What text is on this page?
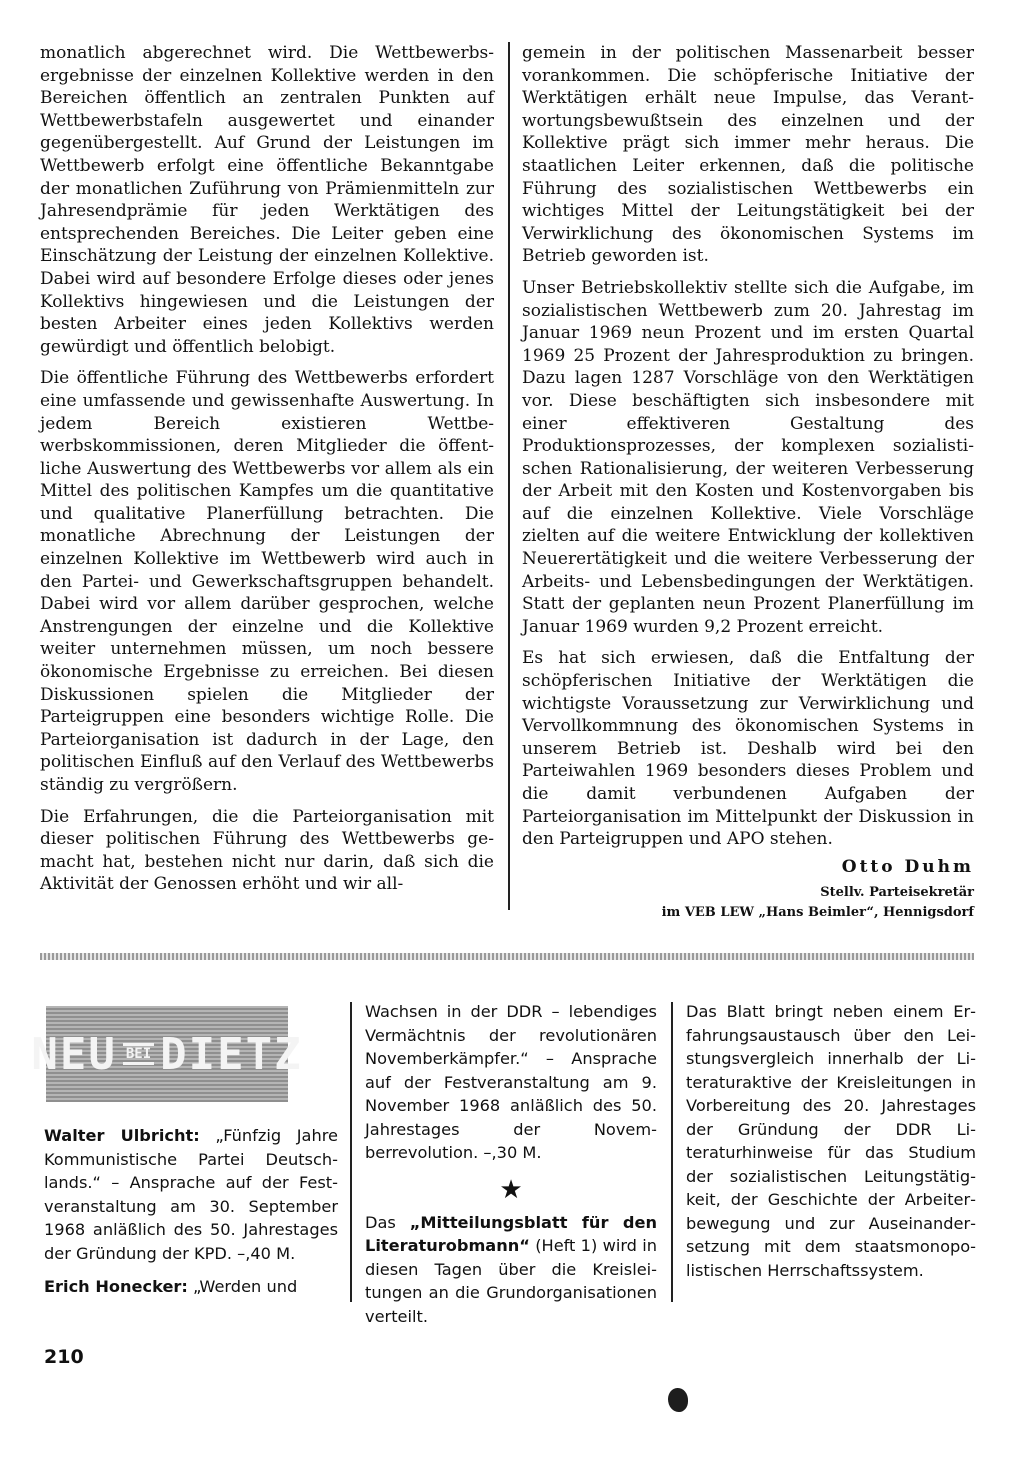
monatlich abgerechnet wird. Die Wettbewerbsergebnisse der einzelnen Kollektive werden in den Bereichen öffentlich an zentralen Punkten auf Wettbewerbstafeln ausgewertet und einander gegenübergestellt. Auf Grund der Leistungen im Wettbewerb erfolgt eine öffentliche Bekanntgabe der monatlichen Zuführung von Prämienmitteln zur Jahresendprämie für jeden Werktätigen des entsprechenden Bereiches. Die Leiter geben eine Einschätzung der Leistung der einzelnen Kollektive. Dabei wird auf besondere Erfolge dieses oder jenes Kollektivs hingewiesen und die Leistungen der besten Arbeiter eines jeden Kollektivs werden gewürdigt und öffentlich belobigt.

Die öffentliche Führung des Wettbewerbs erfordert eine umfassende und gewissenhafte Auswertung. In jedem Bereich existieren Wettbewerbskommissionen, deren Mitglieder die öffentliche Auswertung des Wettbewerbs vor allem als ein Mittel des politischen Kampfes um die quantitative und qualitative Planerfüllung betrachten. Die monatliche Abrechnung der Leistungen der einzelnen Kollektive im Wettbewerb wird auch in den Partei- und Gewerkschaftsgruppen behandelt. Dabei wird vor allem darüber gesprochen, welche Anstrengungen der einzelne und die Kollektive weiter unternehmen müssen, um noch bessere ökonomische Ergebnisse zu erreichen. Bei diesen Diskussionen spielen die Mitglieder der Parteigruppen eine besonders wichtige Rolle. Die Parteiorganisation ist dadurch in der Lage, den politischen Einfluß auf den Verlauf des Wettbewerbs ständig zu vergrößern.

Die Erfahrungen, die die Parteiorganisation mit dieser politischen Führung des Wettbewerbs gemacht hat, bestehen nicht nur darin, daß sich die Aktivität der Genossen erhöht und wir all-

gemein in der politischen Massenarbeit besser vorankommen. Die schöpferische Initiative der Werktätigen erhält neue Impulse, das Verantwortungsbewußtsein des einzelnen und der Kollektive prägt sich immer mehr heraus. Die staatlichen Leiter erkennen, daß die politische Führung des sozialistischen Wettbewerbs ein wichtiges Mittel der Leitungstätigkeit bei der Verwirklichung des ökonomischen Systems im Betrieb geworden ist.

Unser Betriebskollektiv stellte sich die Aufgabe, im sozialistischen Wettbewerb zum 20. Jahrestag im Januar 1969 neun Prozent und im ersten Quartal 1969 25 Prozent der Jahresproduktion zu bringen. Dazu lagen 1287 Vorschläge von den Werktätigen vor. Diese beschäftigten sich insbesondere mit einer effektiveren Gestaltung des Produktionsprozesses, der komplexen sozialistischen Rationalisierung, der weiteren Verbesserung der Arbeit mit den Kosten und Kostenvorgaben bis auf die einzelnen Kollektive. Viele Vorschläge zielten auf die weitere Entwicklung der kollektiven Neuerertätigkeit und die weitere Verbesserung der Arbeits- und Lebensbedingungen der Werktätigen. Statt der geplanten neun Prozent Planerfüllung im Januar 1969 wurden 9,2 Prozent erreicht.

Es hat sich erwiesen, daß die Entfaltung der schöpferischen Initiative der Werktätigen die wichtigste Voraussetzung zur Verwirklichung und Vervollkommnung des ökonomischen Systems in unserem Betrieb ist. Deshalb wird bei den Parteiwahlen 1969 besonders dieses Problem und die damit verbundenen Aufgaben der Parteiorganisation im Mittelpunkt der Diskussion in den Parteigruppen und APO stehen.

Otto Duhm
Stellv. Parteisekretär
im VEB LEW „Hans Beimler“, Hennigsdorf
NEU BEI DIETZ

Walter Ulbricht: „Fünfzig Jahre Kommunistische Partei Deutschlands.“ – Ansprache auf der Festveranstaltung am 30. September 1968 anläßlich des 50. Jahrestages der Gründung der KPD. –,40 M.

Erich Honecker: „Werden und

Wachsen in der DDR – lebendiges Vermächtnis der revolutionären Novemberkämpfer.“ – Ansprache auf der Festveranstaltung am 9. November 1968 anläßlich des 50. Jahrestages der Novemberrevolution. –,30 M.

★

Das „Mitteilungsblatt für den Literaturobmann“ (Heft 1) wird in diesen Tagen über die Kreisleitungen an die Grundorganisationen verteilt.

Das Blatt bringt neben einem Erfahrungsaustausch über den Leistungsvergleich innerhalb der Literaturaktive der Kreisleitungen in Vorbereitung des 20. Jahrestages der Gründung der DDR Literaturhinweise für das Studium der sozialistischen Leitungstätigkeit, der Geschichte der Arbeiterbewegung und zur Auseinandersetzung mit dem staatsmonopolistischen Herrschaftssystem.

210
